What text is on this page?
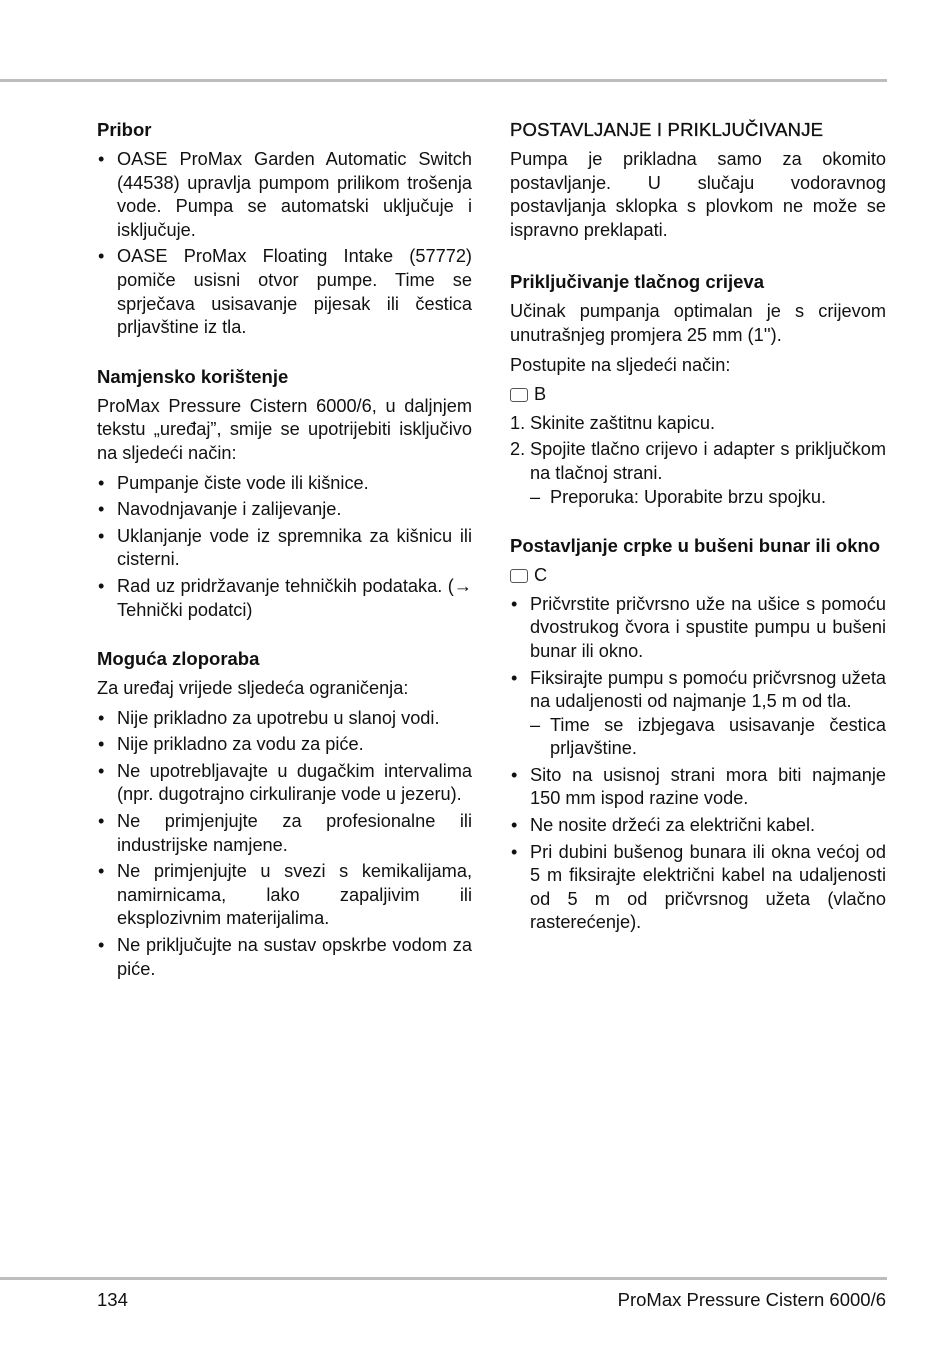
Pribor
• OASE ProMax Garden Automatic Switch (44538) upravlja pumpom prilikom trošenja vode. Pumpa se automatski uključuje i isključuje.
• OASE ProMax Floating Intake (57772) pomiče usisni otvor pumpe. Time se sprječava usisavanje pijesak ili čestica prljavštine iz tla.
Namjensko korištenje

ProMax Pressure Cistern 6000/6, u daljnjem tekstu „uređaj”, smije se upotrijebiti isključivo na sljedeći način:

• Pumpanje čiste vode ili kišnice.
• Navodnjavanje i zalijevanje.
• Uklanjanje vode iz spremnika za kišnicu ili cisterni.
• Rad uz pridržavanje tehničkih podataka. (→ Tehnički podatci)
Moguća zloporaba

Za uređaj vrijede sljedeća ograničenja:

• Nije prikladno za upotrebu u slanoj vodi.
• Nije prikladno za vodu za piće.
• Ne upotrebljavajte u dugačkim intervalima (npr. dugotrajno cirkuliranje vode u jezeru).
• Ne primjenjujte za profesionalne ili industrijske namjene.
• Ne primjenjujte u svezi s kemikalijama, namirnicama, lako zapaljivim ili eksplozivnim materijalima.
• Ne priključujte na sustav opskrbe vodom za piće.
POSTAVLJANJE I PRIKLJUČIVANJE

Pumpa je prikladna samo za okomito postavljanje. U slučaju vodoravnog postavljanja sklopka s plovkom ne može se ispravno preklapati.

Priključivanje tlačnog crijeva

Učinak pumpanja optimalan je s crijevom unutrašnjeg promjera 25 mm (1'').

Postupite na sljedeći način:

B
1. Skinite zaštitnu kapicu.
2. Spojite tlačno crijevo i adapter s priključkom na tlačnoj strani.
– Preporuka: Uporabite brzu spojku.
Postavljanje crpke u bušeni bunar ili okno
C
• Pričvrstite pričvrsno uže na ušice s pomoću dvostrukog čvora i spustite pumpu u bušeni bunar ili okno.
• Fiksirajte pumpu s pomoću pričvrsnog užeta na udaljenosti od najmanje 1,5 m od tla.
– Time se izbjegava usisavanje čestica prljavštine.
• Sito na usisnoj strani mora biti najmanje 150 mm ispod razine vode.
• Ne nosite držeći za električni kabel.
• Pri dubini bušenog bunara ili okna većoj od 5 m fiksirajte električni kabel na udaljenosti od 5 m od pričvrsnog užeta (vlačno rasterećenje).
134	ProMax Pressure Cistern 6000/6
